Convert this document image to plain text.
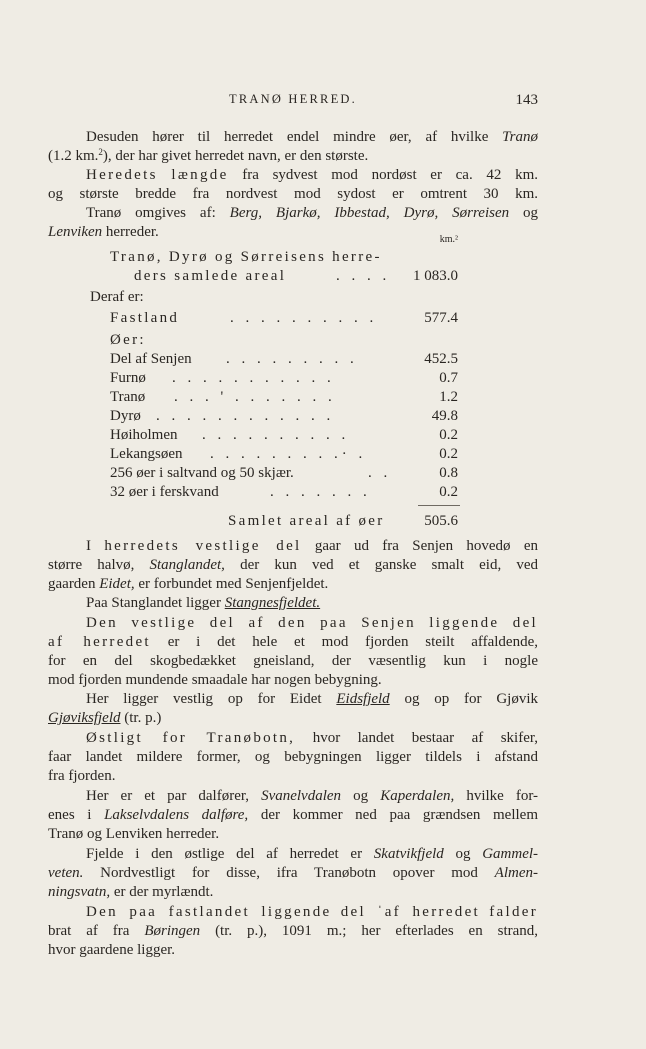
TRANØ HERRED.	143
Desuden hører til herredet endel mindre øer, af hvilke Tranø
(1.2 km.$^2$), der har givet herredet navn, er den største.
Heredets længde fra sydvest mod nordøst er ca. 42 km.
og største bredde fra nordvest mod sydost er omtrent 30 km.
Tranø omgives af: Berg, Bjarkø, Ibbestad, Dyrø, Sørreisen og
Lenviken herreder.	km.²
Tranø, Dyrø og Sørreisens herre-
ders samlede areal	. . . . 1 083.0
Deraf er:
Fastland	. . . . . . . . . .	577.4
Øer:
Del af Senjen . . . . . . . . .	452.5
Furnø . . . . . . . . . . .	0.7
Tranø . . . ' . . . . . . .	1.2
Dyrø . . . . . . . . . . . .	49.8
Høiholmen . . . . . . . . . .	0.2
Lekangsøen . . . . . . . . .· .	0.2
256 øer i saltvand og 50 skjær.	. .	0.8
32 øer i ferskvand	. . . . . . .	0.2
Samlet areal af øer	505.6
I herredets vestlige del gaar ud fra Senjen hovedø en
større halvø, Stanglandet, der kun ved et ganske smalt eid, ved
gaarden Eidet, er forbundet med Senjenfjeldet.
Paa Stanglandet ligger Stangnesfjeldet.
Den vestlige del af den paa Senjen liggende del
af herredet er i det hele et mod fjorden steilt affaldende,
for en del skogbedækket gneisland, der væsentlig kun i nogle
mod fjorden mundende smaadale har nogen bebygning.
Her ligger vestlig op for Eidet Eidsfjeld og op for Gjøvik
Gjøviksfjeld (tr. p.)
Østligt for Tranøbotn, hvor landet bestaar af skifer,
faar landet mildere former, og bebygningen ligger tildels i afstand
fra fjorden.
Her er et par dalfører, Svanelvdalen og Kaperdalen, hvilke for-
enes i Lakselvdalens dalføre, der kommer ned paa grændsen mellem
Tranø og Lenviken herreder.
Fjelde i den østlige del af herredet er Skatvikfjeld og Gammel-
veten. Nordvestligt for disse, ifra Tranøbotn opover mod Almen-
ningsvatn, er der myrlændt.
Den paa fastlandet liggende del ˈaf herredet falder
brat af fra Børingen (tr. p.), 1091 m.; her efterlades en strand,
hvor gaardene ligger.
